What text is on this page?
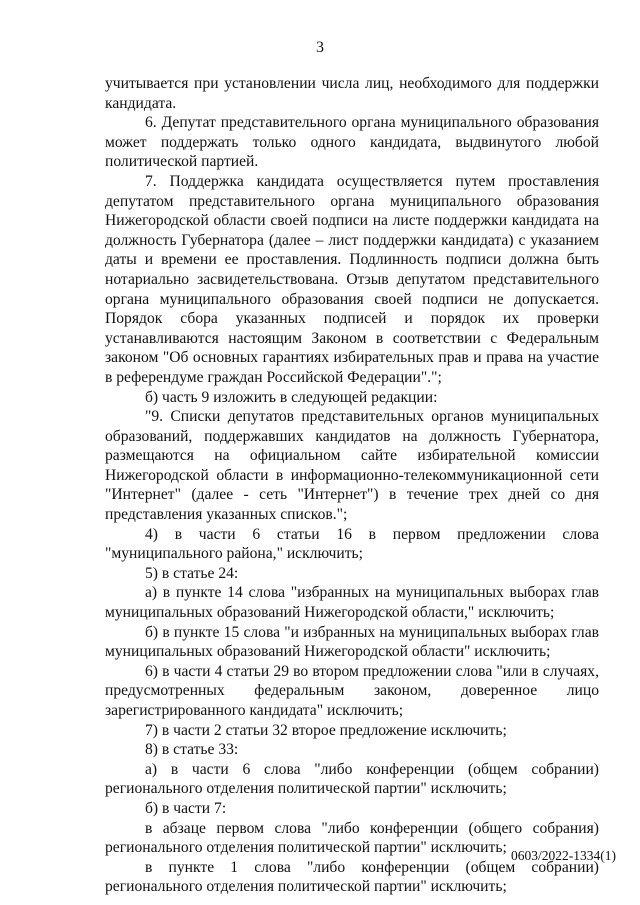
3

учитывается при установлении числа лиц, необходимого для поддержки кандидата.

6. Депутат представительного органа муниципального образования может поддержать только одного кандидата, выдвинутого любой политической партией.

7. Поддержка кандидата осуществляется путем проставления депутатом представительного органа муниципального образования Нижегородской области своей подписи на листе поддержки кандидата на должность Губернатора (далее – лист поддержки кандидата) с указанием даты и времени ее проставления. Подлинность подписи должна быть нотариально засвидетельствована. Отзыв депутатом представительного органа муниципального образования своей подписи не допускается. Порядок сбора указанных подписей и порядок их проверки устанавливаются настоящим Законом в соответствии с Федеральным законом "Об основных гарантиях избирательных прав и права на участие в референдуме граждан Российской Федерации".";

б) часть 9 изложить в следующей редакции:

"9. Списки депутатов представительных органов муниципальных образований, поддержавших кандидатов на должность Губернатора, размещаются на официальном сайте избирательной комиссии Нижегородской области в информационно-телекоммуникационной сети "Интернет" (далее - сеть "Интернет") в течение трех дней со дня представления указанных списков.";

4) в части 6 статьи 16 в первом предложении слова "муниципального района," исключить;

5) в статье 24:

а) в пункте 14 слова "избранных на муниципальных выборах глав муниципальных образований Нижегородской области," исключить;

б) в пункте 15 слова "и избранных на муниципальных выборах глав муниципальных образований Нижегородской области" исключить;

6) в части 4 статьи 29 во втором предложении слова "или в случаях, предусмотренных федеральным законом, доверенное лицо зарегистрированного кандидата" исключить;

7) в части 2 статьи 32 второе предложение исключить;

8) в статье 33:

а) в части 6 слова "либо конференции (общем собрании) регионального отделения политической партии" исключить;

б) в части 7:

в абзаце первом слова "либо конференции (общего собрания) регионального отделения политической партии" исключить;

в пункте 1 слова "либо конференции (общем собрании) регионального отделения политической партии" исключить;

0603/2022-1334(1)
